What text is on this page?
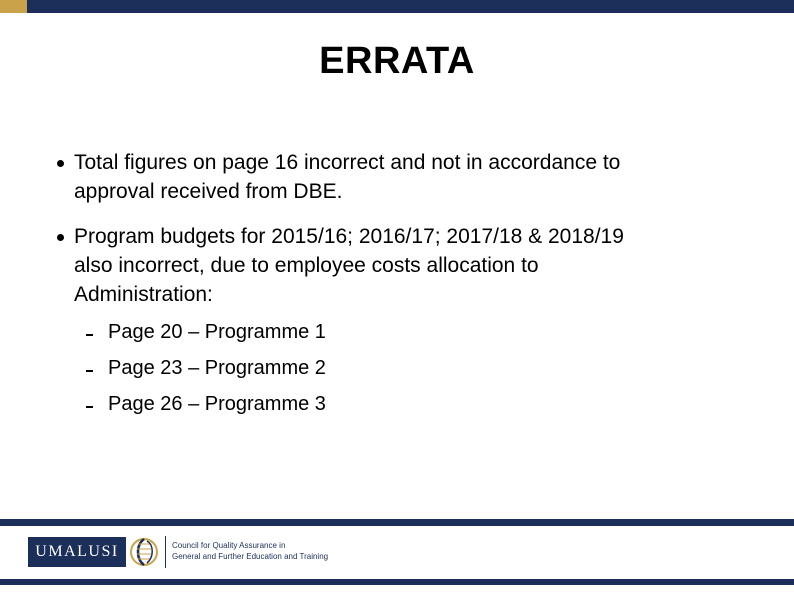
ERRATA
Total figures on page 16 incorrect and not in accordance to
approval received from DBE.
Program budgets for 2015/16; 2016/17; 2017/18 & 2018/19
also incorrect, due to employee costs allocation to
Administration:
Page 20 – Programme 1
Page 23 – Programme 2
Page 26 – Programme 3
UMALUSI	Council for Quality Assurance in
General and Further Education and Training
